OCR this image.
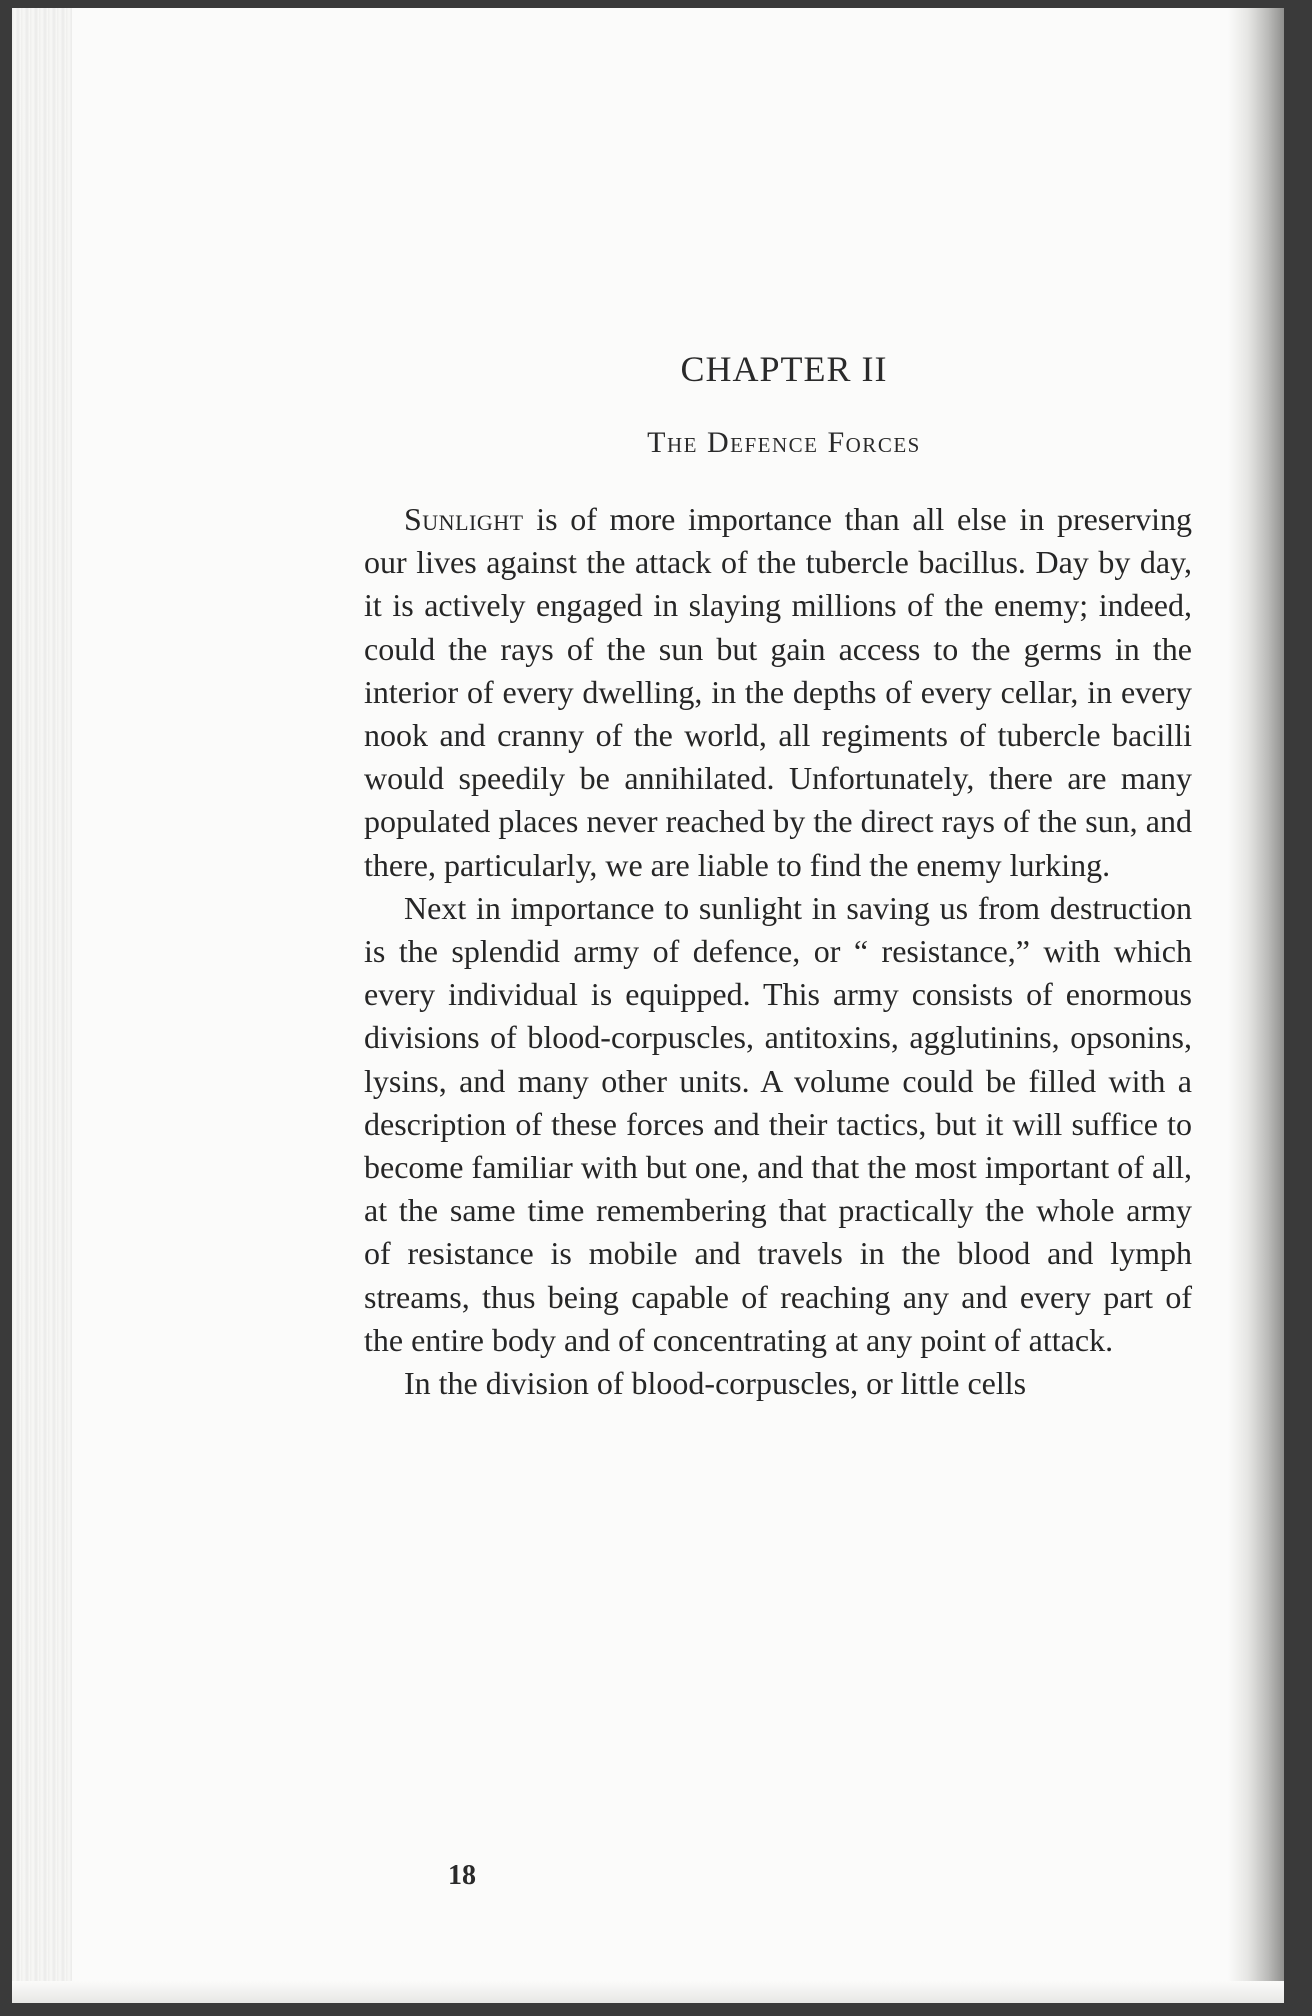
CHAPTER II
The Defence Forces

Sunlight is of more importance than all else in preserving our lives against the attack of the tubercle bacillus. Day by day, it is actively engaged in slaying millions of the enemy; indeed, could the rays of the sun but gain access to the germs in the interior of every dwelling, in the depths of every cellar, in every nook and cranny of the world, all regiments of tubercle bacilli would speedily be annihilated. Unfortunately, there are many populated places never reached by the direct rays of the sun, and there, particularly, we are liable to find the enemy lurking.

Next in importance to sunlight in saving us from destruction is the splendid army of defence, or “ resistance,” with which every individual is equipped. This army consists of enormous divisions of blood-corpuscles, antitoxins, agglutinins, opsonins, lysins, and many other units. A volume could be filled with a description of these forces and their tactics, but it will suffice to become familiar with but one, and that the most important of all, at the same time remembering that practically the whole army of resistance is mobile and travels in the blood and lymph streams, thus being capable of reaching any and every part of the entire body and of concentrating at any point of attack.

In the division of blood-corpuscles, or little cells

18
